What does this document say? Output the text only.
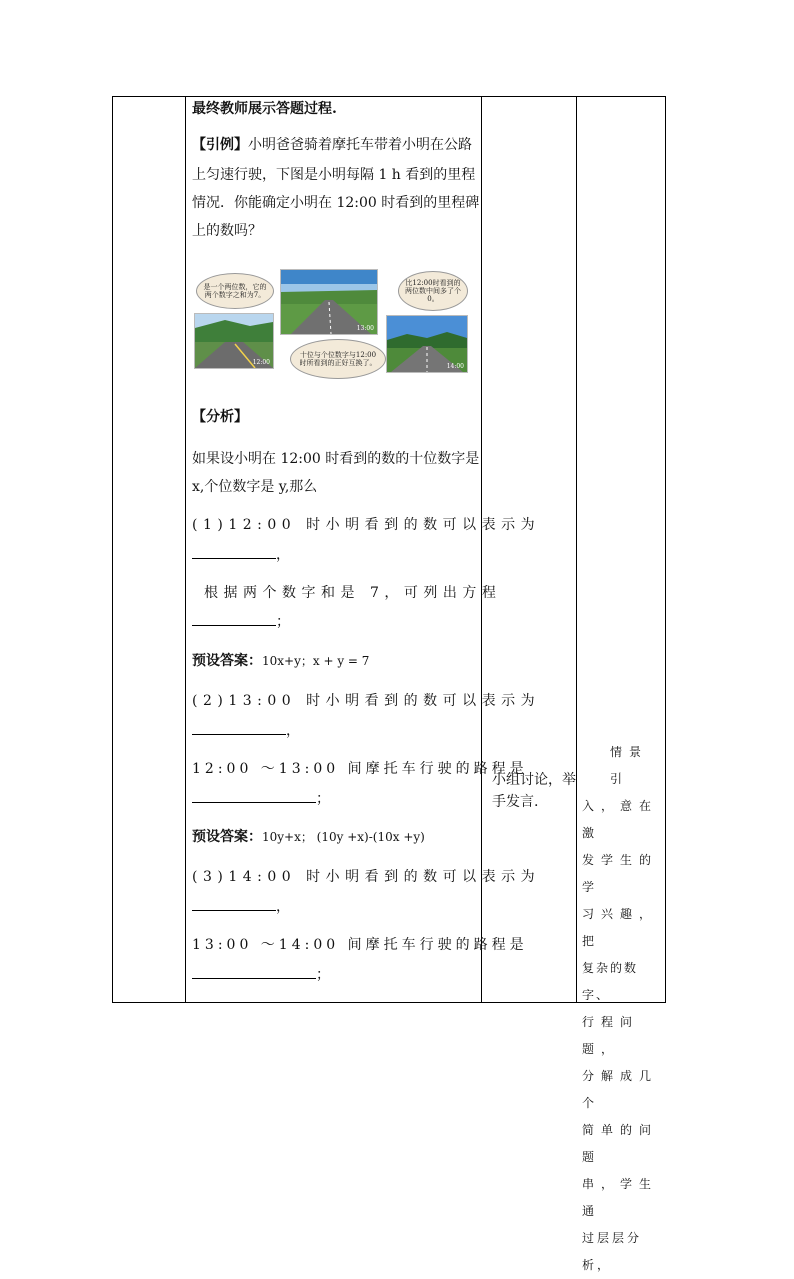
最终教师展示答题过程.
【引例】小明爸爸骑着摩托车带着小明在公路
上匀速行驶，下图是小明每隔 1 h 看到的里程
情况．你能确定小明在 12:00 时看到的里程碑
上的数吗？
12:00
13:00
14:00
是一个两位数，它的两个数字之和为7。
十位与个位数字与12:00时所看到的正好互换了。
比12:00时看到的两位数中间多了个0。
【分析】
如果设小明在 12:00 时看到的数的十位数字是
x,个位数字是 y,那么
(1)12:00 时小明看到的数可以表示为
，
根据两个数字和是 7，可列出方程
；
预设答案：10x+y；x + y = 7
(2)13:00 时小明看到的数可以表示为
，
12:00 ～13:00 间摩托车行驶的路程是
；
预设答案：10y+x； (10y +x)-(10x +y)
(3)14:00 时小明看到的数可以表示为
，
13:00 ～14:00 间摩托车行驶的路程是
；
小组讨论，举手发言.
情景引
入，意在激
发学生的学
习兴趣，把
复杂的数字、
行程问题，
分解成几个
简单的问题
串，学生通
过层层分析，
